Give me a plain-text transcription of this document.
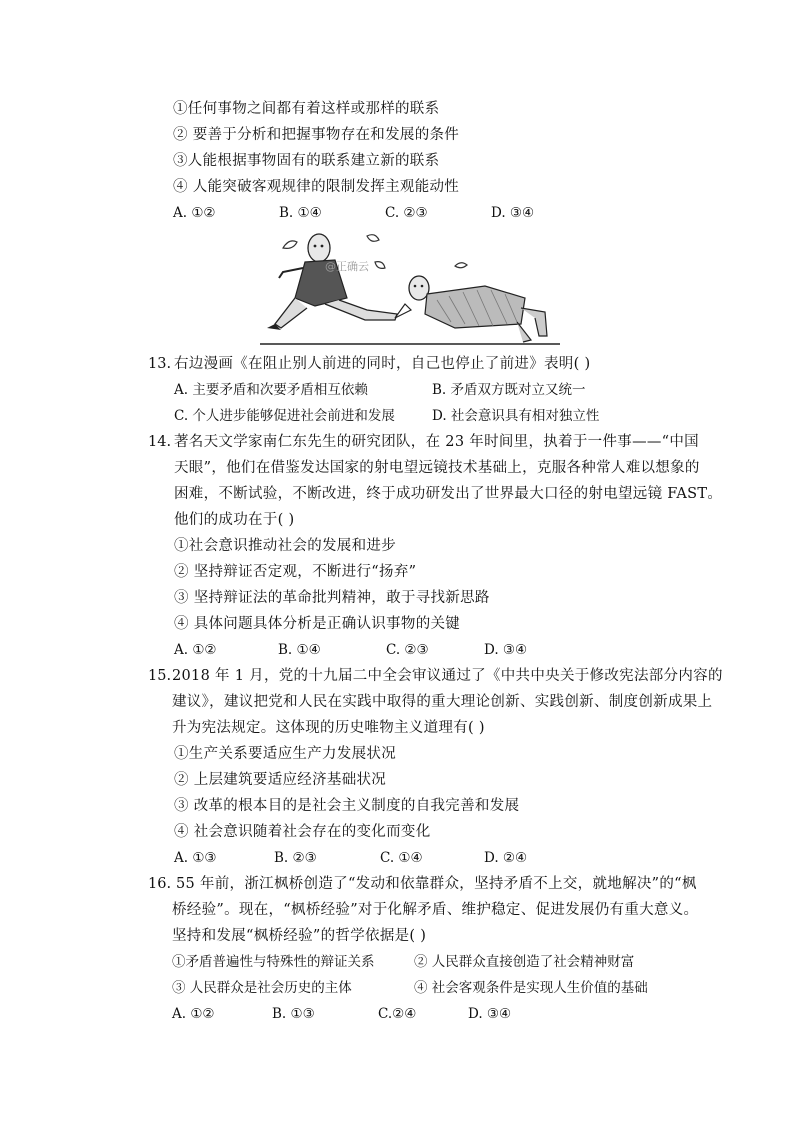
①任何事物之间都有着这样或那样的联系
② 要善于分析和把握事物存在和发展的条件
③人能根据事物固有的联系建立新的联系
④ 人能突破客观规律的限制发挥主观能动性
A. ①②	B. ①④	C. ②③	D. ③④
@正确云
13. 右边漫画《在阻止别人前进的同时，自己也停止了前进》表明( )
A. 主要矛盾和次要矛盾相互依赖	B. 矛盾双方既对立又统一
C. 个人进步能够促进社会前进和发展	D. 社会意识具有相对独立性
14. 著名天文学家南仁东先生的研究团队，在 23 年时间里，执着于一件事——“中国
天眼”，他们在借鉴发达国家的射电望远镜技术基础上，克服各种常人难以想象的
困难，不断试验，不断改进，终于成功研发出了世界最大口径的射电望远镜 FAST。
他们的成功在于( )
①社会意识推动社会的发展和进步
② 坚持辩证否定观，不断进行“扬弃”
③ 坚持辩证法的革命批判精神，敢于寻找新思路
④ 具体问题具体分析是正确认识事物的关键
A. ①②	B. ①④	C. ②③	D. ③④
15. 2018 年 1 月，党的十九届二中全会审议通过了《中共中央关于修改宪法部分内容的
建议》，建议把党和人民在实践中取得的重大理论创新、实践创新、制度创新成果上
升为宪法规定。这体现的历史唯物主义道理有( )
①生产关系要适应生产力发展状况
② 上层建筑要适应经济基础状况
③ 改革的根本目的是社会主义制度的自我完善和发展
④ 社会意识随着社会存在的变化而变化
A. ①③	B. ②③	C. ①④	D. ②④
16. 55 年前，浙江枫桥创造了“发动和依靠群众，坚持矛盾不上交，就地解决”的“枫
桥经验”。现在，“枫桥经验”对于化解矛盾、维护稳定、促进发展仍有重大意义。
坚持和发展“枫桥经验”的哲学依据是( )
①矛盾普遍性与特殊性的辩证关系	② 人民群众直接创造了社会精神财富
③ 人民群众是社会历史的主体	④ 社会客观条件是实现人生价值的基础
A. ①②	B. ①③	C.②④	D. ③④
